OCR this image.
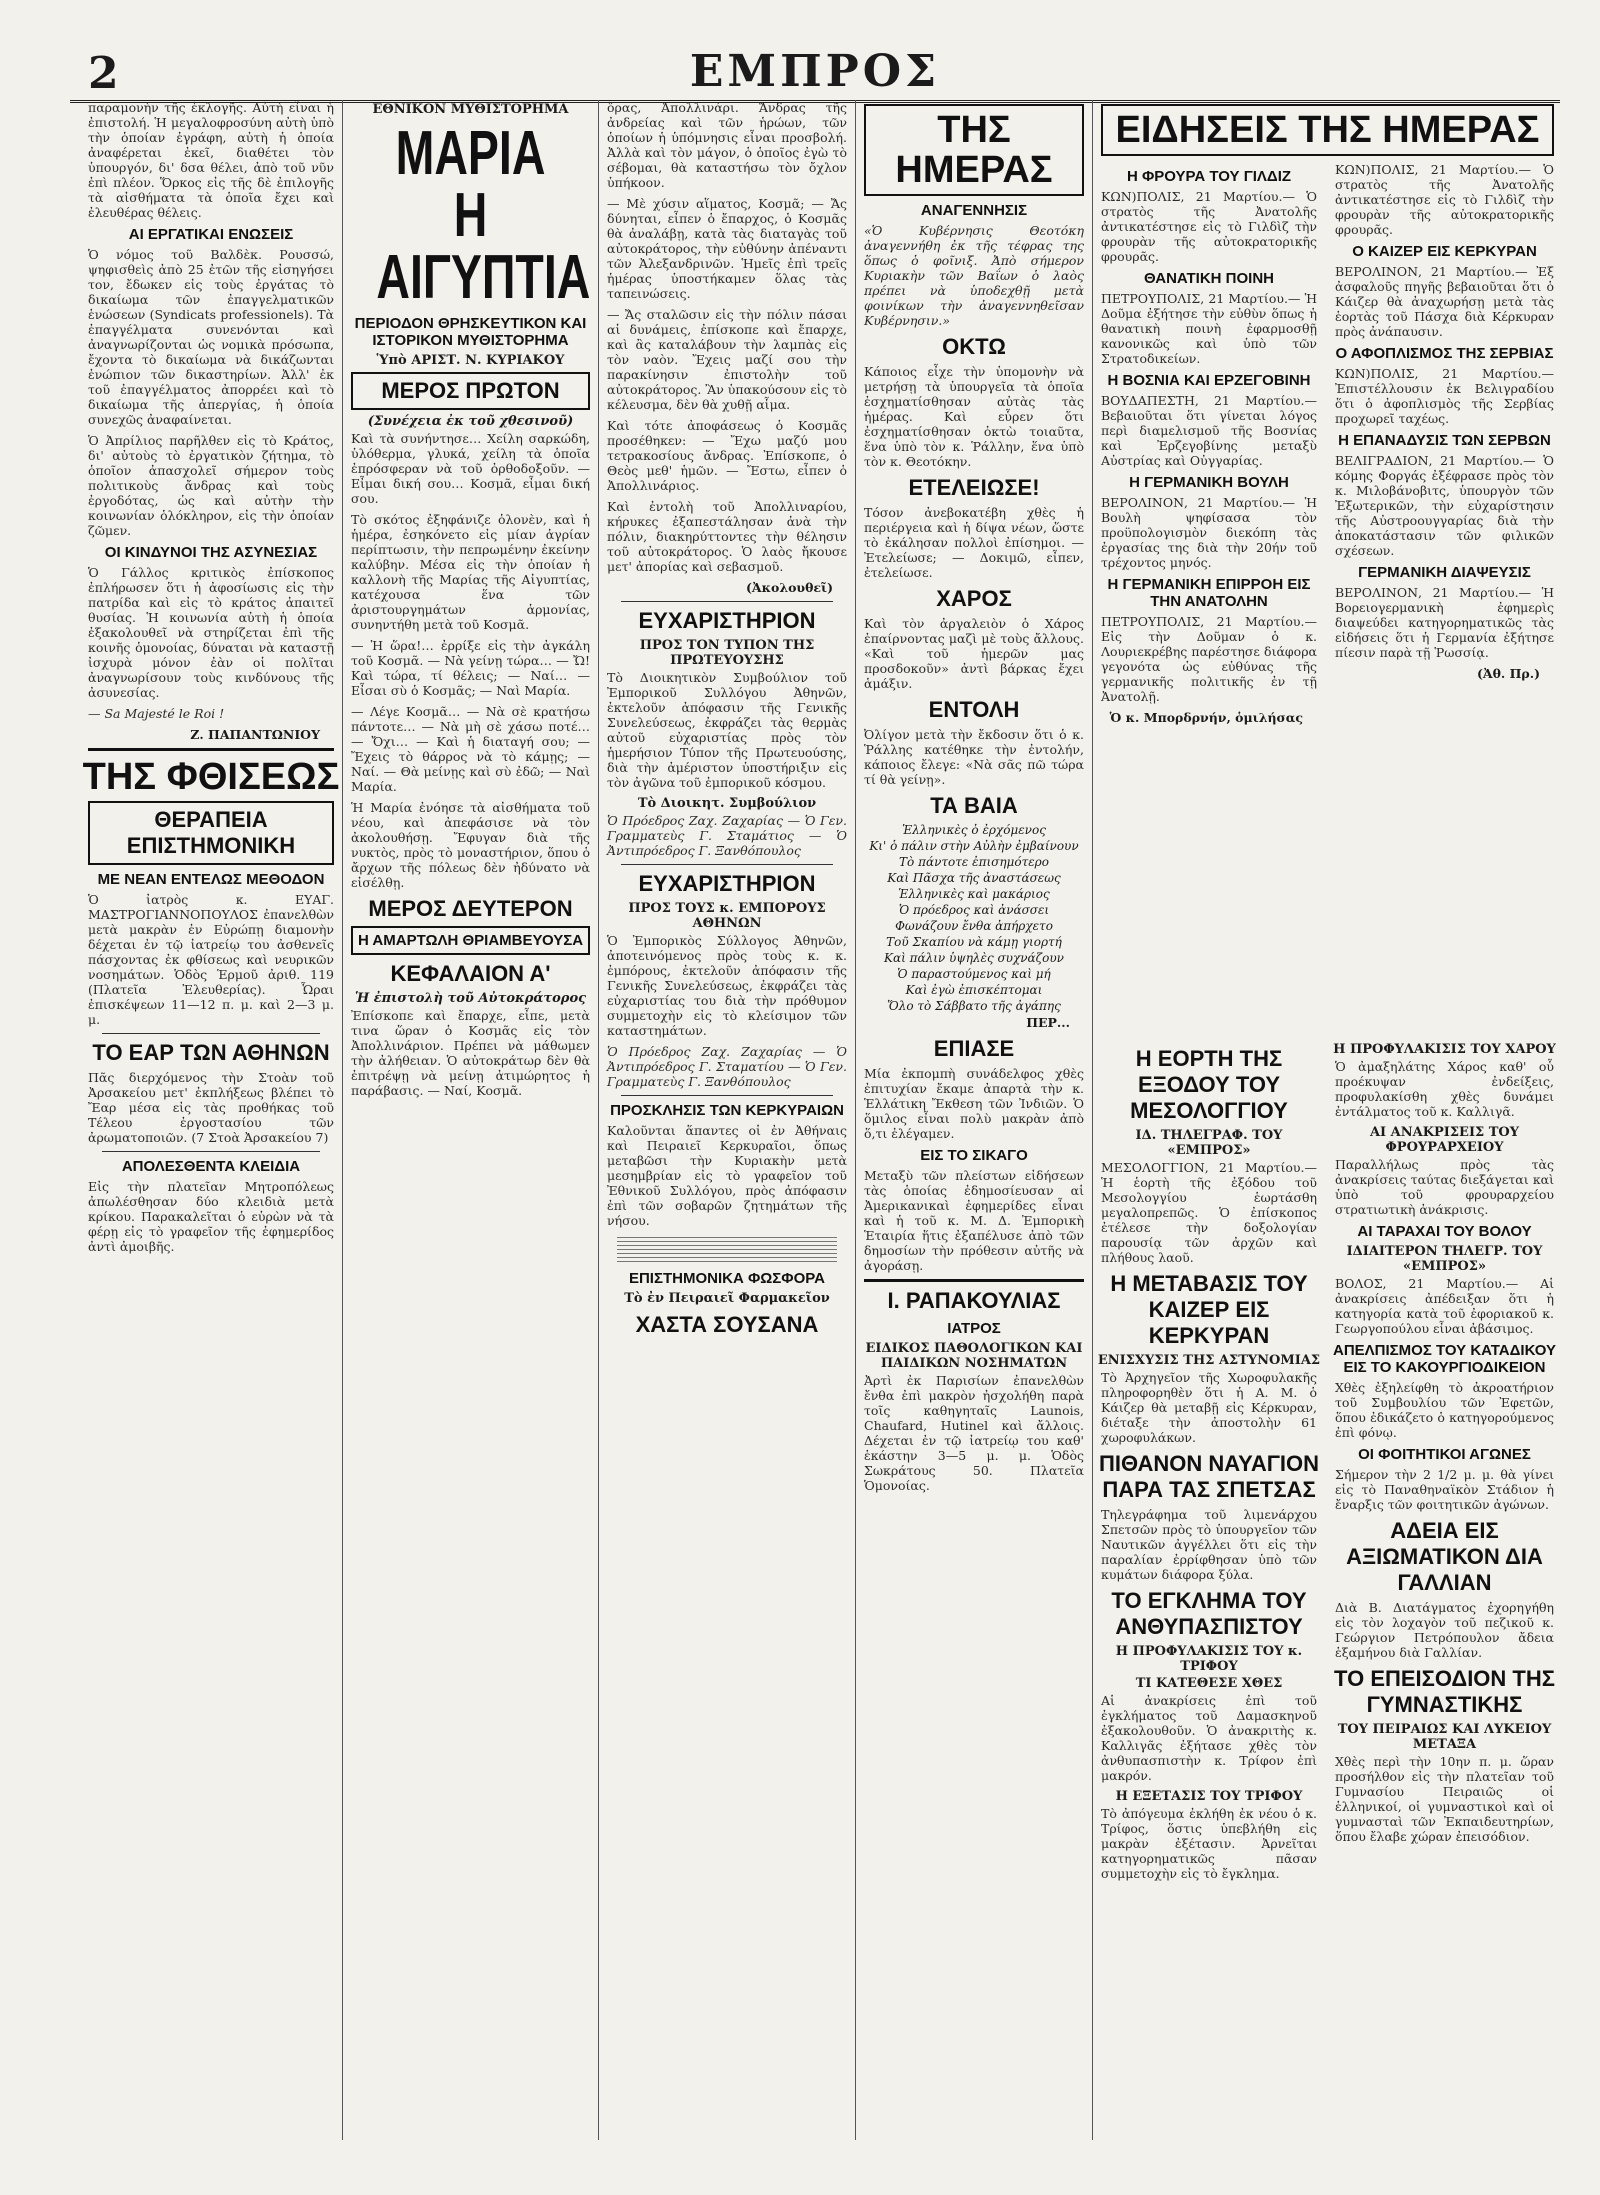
2	ΕΜΠΡΟΣ

παραμονὴν τῆς ἐκλογῆς. Αὐτὴ εἶναι ἡ ἐπιστολή. Ἡ μεγαλοφροσύνη αὐτὴ ὑπὸ τὴν ὁποίαν ἐγράφη, αὐτὴ ἡ ὁποία ἀναφέρεται ἐκεῖ, διαθέτει τὸν ὑπουργόν, δι' δσα θέλει, ἀπὸ τοῦ νῦν ἐπὶ πλέον. Ὅρκος εἰς τῆς δὲ ἐπιλογῆς τὰ αἰσθήματα τὰ ὁποῖα ἔχει καὶ ἐλευθέρας θέλεις.

ΑΙ ΕΡΓΑΤΙΚΑΙ ΕΝΩΣΕΙΣ

Ὁ νόμος τοῦ Βαλδὲκ. Ρουσσώ, ψηφισθεὶς ἀπὸ 25 ἐτῶν τῆς εἰσηγήσει τον, ἔδωκεν εἰς τοὺς ἐργάτας τὸ δικαίωμα τῶν ἐπαγγελματικῶν ἑνώσεων (Syndicats professionels). Τὰ ἐπαγγέλματα συνενόνται καὶ ἀναγνωρίζονται ὡς νομικὰ πρόσωπα, ἔχοντα τὸ δικαίωμα νὰ δικάζωνται ἐνώπιον τῶν δικαστηρίων. Ἀλλ' ἐκ τοῦ ἐπαγγέλματος ἀπορρέει καὶ τὸ δικαίωμα τῆς ἀπεργίας, ἡ ὁποία συνεχῶς ἀναφαίνεται.

Ὁ Ἀπρίλιος παρῆλθεν εἰς τὸ Κράτος, δι' αὐτοὺς τὸ ἐργατικὸν ζήτημα, τὸ ὁποῖον ἀπασχολεῖ σήμερον τοὺς πολιτικοὺς ἄνδρας καὶ τοὺς ἐργοδότας, ὡς καὶ αὐτὴν τὴν κοινωνίαν ὁλόκληρον, εἰς τὴν ὁποίαν ζῶμεν.

ΟΙ ΚΙΝΔΥΝΟΙ ΤΗΣ ΑΣΥΝΕΣΙΑΣ

Ὁ Γάλλος κριτικὸς ἐπίσκοπος ἐπλήρωσεν ὅτι ἡ ἀφοσίωσις εἰς τὴν πατρίδα καὶ εἰς τὸ κράτος ἀπαιτεῖ θυσίας. Ἡ κοινωνία αὐτὴ ἡ ὁποία ἐξακολουθεῖ νὰ στηρίζεται ἐπὶ τῆς κοινῆς ὁμονοίας, δύναται νὰ καταστῇ ἰσχυρὰ μόνον ἐὰν οἱ πολῖται ἀναγνωρίσουν τοὺς κινδύνους τῆς ἀσυνεσίας.

— Sa Majesté le Roi !

Ζ. ΠΑΠΑΝΤΩΝΙΟΥ
ΤΗΣ ΦΘΙΣΕΩΣ
ΘΕΡΑΠΕΙΑ ΕΠΙΣΤΗΜΟΝΙΚΗ
ΜΕ ΝΕΑΝ ΕΝΤΕΛΩΣ ΜΕΘΟΔΟΝ

Ὁ ἰατρὸς κ. ΕΥΑΓ. ΜΑΣΤΡΟΓΙΑΝΝΟΠΟΥΛΟΣ ἐπανελθὼν μετὰ μακρὰν ἐν Εὐρώπῃ διαμονὴν δέχεται ἐν τῷ ἰατρείῳ του ἀσθενεῖς πάσχοντας ἐκ φθίσεως καὶ νευρικῶν νοσημάτων. Ὁδὸς Ἑρμοῦ ἀριθ. 119 (Πλατεῖα Ἐλευθερίας). Ὧραι ἐπισκέψεων 11—12 π. μ. καὶ 2—3 μ. μ.

ΤΟ ΕΑΡ ΤΩΝ ΑΘΗΝΩΝ

Πᾶς διερχόμενος τὴν Στοὰν τοῦ Ἀρσακείου μετ' ἐκπλήξεως βλέπει τὸ Ἔαρ μέσα εἰς τὰς προθήκας τοῦ Τέλεου ἐργοστασίου τῶν ἀρωματοποιῶν. (7 Στοὰ Ἀρσακείου 7)

ΑΠΟΛΕΣΘΕΝΤΑ ΚΛΕΙΔΙΑ

Εἰς τὴν πλατεῖαν Μητροπόλεως ἀπωλέσθησαν δύο κλειδιὰ μετὰ κρίκου. Παρακαλεῖται ὁ εὑρὼν νὰ τὰ φέρῃ εἰς τὸ γραφεῖον τῆς ἐφημερίδος ἀντὶ ἀμοιβῆς.

ΕΘΝΙΚΟΝ ΜΥΘΙΣΤΟΡΗΜΑ
ΜΑΡΙΑ Η ΑΙΓΥΠΤΙΑ
ΠΕΡΙΟΔΟΝ ΘΡΗΣΚΕΥΤΙΚΟΝ ΚΑΙ ΙΣΤΟΡΙΚΟΝ ΜΥΘΙΣΤΟΡΗΜΑ
Ὑπὸ ΑΡΙΣΤ. Ν. ΚΥΡΙΑΚΟΥ
ΜΕΡΟΣ ΠΡΩΤΟΝ
(Συνέχεια ἐκ τοῦ χθεσινοῦ)

Καὶ τὰ συνήντησε… Χείλη σαρκώδη, ὑλόθερμα, γλυκά, χείλη τὰ ὁποῖα ἐπρόσφεραν νὰ τοῦ ὀρθοδοξοῦν. — Εἶμαι δική σου… Κοσμᾶ, εἶμαι δική σου.

Τὸ σκότος ἐξηφάνιζε ὁλονὲν, καὶ ἡ ἡμέρα, ἐσηκόνετο εἰς μίαν ἀγρίαν περίπτωσιν, τὴν πεπρωμένην ἐκείνην καλύβην. Μέσα εἰς τὴν ὁποίαν ἡ καλλονὴ τῆς Μαρίας τῆς Αἰγυπτίας, κατέχουσα ἕνα τῶν ἀριστουργημάτων ἁρμονίας, συνηντήθη μετὰ τοῦ Κοσμᾶ.

— Ἡ ὥρα!… ἐρρίξε εἰς τὴν ἀγκάλη τοῦ Κοσμᾶ. — Νὰ γείνῃ τώρα… — Ὤ! Καὶ τώρα, τί θέλεις; — Ναί… — Εἶσαι σὺ ὁ Κοσμᾶς; — Ναὶ Μαρία.

— Λέγε Κοσμᾶ… — Νὰ σὲ κρατήσω πάντοτε… — Νὰ μὴ σὲ χάσω ποτέ… — Ὄχι… — Καὶ ἡ διαταγή σου; — Ἔχεις τὸ θάρρος νὰ τὸ κάμῃς; — Ναί. — Θὰ μείνῃς καὶ σὺ ἐδῶ; — Ναὶ Μαρία.

Ἡ Μαρία ἐνόησε τὰ αἰσθήματα τοῦ νέου, καὶ ἀπεφάσισε νὰ τὸν ἀκολουθήσῃ. Ἔφυγαν διὰ τῆς νυκτὸς, πρὸς τὸ μοναστήριον, ὅπου ὁ ἄρχων τῆς πόλεως δὲν ἠδύνατο νὰ εἰσέλθῃ.

ΜΕΡΟΣ ΔΕΥΤΕΡΟΝ
Η ΑΜΑΡΤΩΛΗ ΘΡΙΑΜΒΕΥΟΥΣΑ
ΚΕΦΑΛΑΙΟΝ Α'
Ἡ ἐπιστολὴ τοῦ Αὐτοκράτορος

Ἐπίσκοπε καὶ ἔπαρχε, εἶπε, μετὰ τινα ὥραν ὁ Κοσμᾶς εἰς τὸν Ἀπολλινάριον. Πρέπει νὰ μάθωμεν τὴν ἀλήθειαν. Ὁ αὐτοκράτωρ δὲν θὰ ἐπιτρέψῃ νὰ μείνῃ ἀτιμώρητος ἡ παράβασις. — Ναί, Κοσμᾶ.

ὅρας, Ἀπολλινάρι. Ἄνδρας τῆς ἀνδρείας καὶ τῶν ἡρώων, τῶν ὁποίων ἡ ὑπόμνησις εἶναι προσβολή. Ἀλλὰ καὶ τὸν μάγον, ὁ ὁποῖος ἐγὼ τὸ σέβομαι, θὰ καταστήσω τὸν ὄχλον ὑπήκοον.

— Μὲ χύσιν αἵματος, Κοσμᾶ; — Ἄς δύνηται, εἶπεν ὁ ἔπαρχος, ὁ Κοσμᾶς θὰ ἀναλάβῃ, κατὰ τὰς διαταγὰς τοῦ αὐτοκράτορος, τὴν εὐθύνην ἀπέναντι τῶν Ἀλεξανδρινῶν. Ἡμεῖς ἐπὶ τρεῖς ἡμέρας ὑποστήκαμεν ὅλας τὰς ταπεινώσεις.

— Ἄς σταλῶσιν εἰς τὴν πόλιν πάσαι αἱ δυνάμεις, ἐπίσκοπε καὶ ἔπαρχε, καὶ ἂς καταλάβουν τὴν λαμπὰς εἰς τὸν ναὸν. Ἔχεις μαζί σου τὴν παρακίνησιν ἐπιστολὴν τοῦ αὐτοκράτορος. Ἂν ὑπακούσουν εἰς τὸ κέλευσμα, δὲν θὰ χυθῇ αἷμα.

Καὶ τότε ἀποφάσεως ὁ Κοσμᾶς προσέθηκεν: — Ἔχω μαζύ μου τετρακοσίους ἄνδρας. Ἐπίσκοπε, ὁ Θεὸς μεθ' ἡμῶν. — Ἔστω, εἶπεν ὁ Ἀπολλινάριος.

Καὶ ἐντολὴ τοῦ Ἀπολλιναρίου, κήρυκες ἐξαπεστάλησαν ἀνὰ τὴν πόλιν, διακηρύττοντες τὴν θέλησιν τοῦ αὐτοκράτορος. Ὁ λαὸς ἤκουσε μετ' ἀπορίας καὶ σεβασμοῦ.

(Ἀκολουθεῖ)
ΕΥΧΑΡΙΣΤΗΡΙΟΝ
ΠΡΟΣ ΤΟΝ ΤΥΠΟΝ ΤΗΣ ΠΡΩΤΕΥΟΥΣΗΣ

Τὸ Διοικητικὸν Συμβούλιον τοῦ Ἐμπορικοῦ Συλλόγου Ἀθηνῶν, ἐκτελοῦν ἀπόφασιν τῆς Γενικῆς Συνελεύσεως, ἐκφράζει τὰς θερμὰς αὐτοῦ εὐχαριστίας πρὸς τὸν ἡμερήσιον Τύπον τῆς Πρωτευούσης, διὰ τὴν ἀμέριστον ὑποστήριξιν εἰς τὸν ἀγῶνα τοῦ ἐμπορικοῦ κόσμου.

Τὸ Διοικητ. Συμβούλιον

Ὁ Πρόεδρος Ζαχ. Ζαχαρίας — Ὁ Γεν. Γραμματεὺς Γ. Σταμάτιος — Ὁ Ἀντιπρόεδρος Γ. Ξανθόπουλος

ΕΥΧΑΡΙΣΤΗΡΙΟΝ
ΠΡΟΣ ΤΟΥΣ κ. ΕΜΠΟΡΟΥΣ ΑΘΗΝΩΝ

Ὁ Ἐμπορικὸς Σύλλογος Ἀθηνῶν, ἀποτεινόμενος πρὸς τοὺς κ. κ. ἐμπόρους, ἐκτελοῦν ἀπόφασιν τῆς Γενικῆς Συνελεύσεως, ἐκφράζει τὰς εὐχαριστίας του διὰ τὴν πρόθυμον συμμετοχὴν εἰς τὸ κλείσιμον τῶν καταστημάτων.

Ὁ Πρόεδρος Ζαχ. Ζαχαρίας — Ὁ Ἀντιπρόεδρος Γ. Σταματίου — Ὁ Γεν. Γραμματεὺς Γ. Ξανθόπουλος

ΠΡΟΣΚΛΗΣΙΣ ΤΩΝ ΚΕΡΚΥΡΑΙΩΝ

Καλοῦνται ἅπαντες οἱ ἐν Ἀθήναις καὶ Πειραιεῖ Κερκυραῖοι, ὅπως μεταβῶσι τὴν Κυριακὴν μετὰ μεσημβρίαν εἰς τὸ γραφεῖον τοῦ Ἐθνικοῦ Συλλόγου, πρὸς ἀπόφασιν ἐπὶ τῶν σοβαρῶν ζητημάτων τῆς νήσου.

ΕΠΙΣΤΗΜΟΝΙΚΑ ΦΩΣΦΟΡΑ
Τὸ ἐν Πειραιεῖ Φαρμακεῖον
ΧΑΣΤΑ ΣΟΥΣΑΝΑ
ΤΗΣ ΗΜΕΡΑΣ
ΑΝΑΓΕΝΝΗΣΙΣ

«Ὁ Κυβέρνησις Θεοτόκη ἀναγεννήθη ἐκ τῆς τέφρας της ὅπως ὁ φοῖνιξ. Ἀπὸ σήμερον Κυριακὴν τῶν Βαΐων ὁ λαὸς πρέπει νὰ ὑποδεχθῇ μετὰ φοινίκων τὴν ἀναγεννηθεῖσαν Κυβέρνησιν.»

ΟΚΤΩ

Κάποιος εἶχε τὴν ὑπομονὴν νὰ μετρήσῃ τὰ ὑπουργεῖα τὰ ὁποῖα ἐσχηματίσθησαν αὐτὰς τὰς ἡμέρας. Καὶ εὗρεν ὅτι ἐσχηματίσθησαν ὀκτὼ τοιαῦτα, ἕνα ὑπὸ τὸν κ. Ῥάλλην, ἕνα ὑπὸ τὸν κ. Θεοτόκην.

ΕΤΕΛΕΙΩΣΕ!

Τόσον ἀνεβοκατέβη χθὲς ἡ περιέργεια καὶ ἡ δίψα νέων, ὥστε τὸ ἐκάλησαν πολλοὶ ἐπίσημοι. — Ἐτελείωσε; — Δοκιμῶ, εἶπεν, ἐτελείωσε.

ΧΑΡΟΣ

Καὶ τὸν ἀργαλειὸν ὁ Χάρος ἐπαίρνοντας μαζὶ μὲ τοὺς ἄλλους. «Καὶ τοῦ ἡμερῶν μας προσδοκοῦν» ἀντὶ βάρκας ἔχει ἁμάξιν.

ΕΝΤΟΛΗ

Ὀλίγον μετὰ τὴν ἔκδοσιν ὅτι ὁ κ. Ῥάλλης κατέθηκε τὴν ἐντολήν, κάποιος ἔλεγε: «Νὰ σᾶς πῶ τώρα τί θὰ γείνῃ».

ΤΑ ΒΑΙΑ

Ἑλληνικὲς ὁ ἐρχόμενος

Κι' ὁ πάλιν στὴν Αὐλὴν ἐμβαίνουν

Τὸ πάντοτε ἐπισημότερο

Καὶ Πᾶσχα τῆς ἀναστάσεως

Ἑλληνικὲς καὶ μακάριος

Ὁ πρόεδρος καὶ ἀνάσσει

Φωνάζουν ἔνθα ἀπήρχετο

Τοῦ Σκαπίου νὰ κάμῃ γιορτή

Καὶ πάλιν ὑψηλὲς συχνάζουν

Ὁ παραστούμενος καὶ μή

Καὶ ἐγὼ ἐπισκέπτομαι

Ὅλο τὸ Σάββατο τῆς ἀγάπης

ΠΕΡ...
ΕΠΙΑΣΕ

Μία ἐκπομπὴ συνάδελφος χθὲς ἐπιτυχίαν ἔκαμε ἀπαρτὰ τὴν κ. Ἑλλάτικη Ἔκθεση τῶν Ἰνδιῶν. Ὁ ὅμιλος εἶναι πολὺ μακρὰν ἀπὸ ὅ,τι ἐλέγαμεν.

ΕΙΣ ΤΟ ΣΙΚΑΓΟ

Μεταξὺ τῶν πλείστων εἰδήσεων τὰς ὁποίας ἐδημοσίευσαν αἱ Ἀμερικανικαὶ ἐφημερίδες εἶναι καὶ ἡ τοῦ κ. Μ. Δ. Ἐμπορικὴ Ἑταιρία ἥτις ἐξαπέλυσε ἀπὸ τῶν δημοσίων τὴν πρόθεσιν αὐτῆς νὰ ἀγοράσῃ.

Ι. ΡΑΠΑΚΟΥΛΙΑΣ
ΙΑΤΡΟΣ
ΕΙΔΙΚΟΣ ΠΑΘΟΛΟΓΙΚΩΝ ΚΑΙ ΠΑΙΔΙΚΩΝ ΝΟΣΗΜΑΤΩΝ

Ἀρτὶ ἐκ Παρισίων ἐπανελθὼν ἔνθα ἐπὶ μακρὸν ἠσχολήθη παρὰ τοῖς καθηγηταῖς Launois, Chaufard, Hutinel καὶ ἄλλοις. Δέχεται ἐν τῷ ἰατρείῳ του καθ' ἑκάστην 3—5 μ. μ. Ὁδὸς Σωκράτους 50. Πλατεῖα Ὁμονοίας.

ΕΙΔΗΣΕΙΣ ΤΗΣ ΗΜΕΡΑΣ
Η ΦΡΟΥΡΑ ΤΟΥ ΓΙΛΔΙΖ

ΚΩΝ)ΠΟΛΙΣ, 21 Μαρτίου.— Ὁ στρατὸς τῆς Ἀνατολῆς ἀντικατέστησε εἰς τὸ Γιλδὶζ τὴν φρουρὰν τῆς αὐτοκρατορικῆς φρουρᾶς.

ΘΑΝΑΤΙΚΗ ΠΟΙΝΗ

ΠΕΤΡΟΥΠΟΛΙΣ, 21 Μαρτίου.— Ἡ Δοῦμα ἐξήτησε τὴν εὐθὺν ὅπως ἡ θανατικὴ ποινὴ ἐφαρμοσθῇ κανονικῶς καὶ ὑπὸ τῶν Στρατοδικείων.

Η ΒΟΣΝΙΑ ΚΑΙ ΕΡΖΕΓΟΒΙΝΗ

ΒΟΥΔΑΠΕΣΤΗ, 21 Μαρτίου.— Βεβαιοῦται ὅτι γίνεται λόγος περὶ διαμελισμοῦ τῆς Βοσνίας καὶ Ἐρζεγοβίνης μεταξὺ Αὐστρίας καὶ Οὐγγαρίας.

Η ΓΕΡΜΑΝΙΚΗ ΒΟΥΛΗ

ΒΕΡΟΛΙΝΟΝ, 21 Μαρτίου.— Ἡ Βουλὴ ψηφίσασα τὸν προϋπολογισμὸν διεκόπη τὰς ἐργασίας της διὰ τὴν 20ήν τοῦ τρέχοντος μηνός.

Η ΓΕΡΜΑΝΙΚΗ ΕΠΙΡΡΟΗ ΕΙΣ ΤΗΝ ΑΝΑΤΟΛΗΝ

ΠΕΤΡΟΥΠΟΛΙΣ, 21 Μαρτίου.— Εἰς τὴν Δοῦμαν ὁ κ. Λουριεκρέβης παρέστησε διάφορα γεγονότα ὡς εὐθύνας τῆς γερμανικῆς πολιτικῆς ἐν τῇ Ἀνατολῇ.

Ὁ κ. Μπορδρνήν, ὁμιλήσας

ΚΩΝ)ΠΟΛΙΣ, 21 Μαρτίου.— Ὁ στρατὸς τῆς Ἀνατολῆς ἀντικατέστησε εἰς τὸ Γιλδὶζ τὴν φρουρὰν τῆς αὐτοκρατορικῆς φρουρᾶς.

Ο ΚΑΙΖΕΡ ΕΙΣ ΚΕΡΚΥΡΑΝ

ΒΕΡΟΛΙΝΟΝ, 21 Μαρτίου.— Ἐξ ἀσφαλοῦς πηγῆς βεβαιοῦται ὅτι ὁ Κάιζερ θὰ ἀναχωρήσῃ μετὰ τὰς ἑορτὰς τοῦ Πάσχα διὰ Κέρκυραν πρὸς ἀνάπαυσιν.

Ο ΑΦΟΠΛΙΣΜΟΣ ΤΗΣ ΣΕΡΒΙΑΣ

ΚΩΝ)ΠΟΛΙΣ, 21 Μαρτίου.— Ἐπιστέλλουσιν ἐκ Βελιγραδίου ὅτι ὁ ἀφοπλισμὸς τῆς Σερβίας προχωρεῖ ταχέως.

Η ΕΠΑΝΑΔΥΣΙΣ ΤΩΝ ΣΕΡΒΩΝ

ΒΕΛΙΓΡΑΔΙΟΝ, 21 Μαρτίου.— Ὁ κόμης Φοργάς ἐξέφρασε πρὸς τὸν κ. Μιλοβάνοβιτς, ὑπουργὸν τῶν Ἐξωτερικῶν, τὴν εὐχαρίστησιν τῆς Αὐστροουγγαρίας διὰ τὴν ἀποκατάστασιν τῶν φιλικῶν σχέσεων.

ΓΕΡΜΑΝΙΚΗ ΔΙΑΨΕΥΣΙΣ

ΒΕΡΟΛΙΝΟΝ, 21 Μαρτίου.— Ἡ Βορειογερμανικὴ ἐφημερὶς διαψεύδει κατηγορηματικῶς τὰς εἰδήσεις ὅτι ἡ Γερμανία ἐξήτησε πίεσιν παρὰ τῇ Ῥωσσίᾳ.

(Ἀθ. Πρ.)
Η ΕΟΡΤΗ ΤΗΣ ΕΞΟΔΟΥ ΤΟΥ ΜΕΣΟΛΟΓΓΙΟΥ
ΙΔ. ΤΗΛΕΓΡΑΦ. ΤΟΥ «ΕΜΠΡΟΣ»

ΜΕΣΟΛΟΓΓΙΟΝ, 21 Μαρτίου.— Ἡ ἑορτὴ τῆς ἐξόδου τοῦ Μεσολογγίου ἑωρτάσθη μεγαλοπρεπῶς. Ὁ ἐπίσκοπος ἐτέλεσε τὴν δοξολογίαν παρουσίᾳ τῶν ἀρχῶν καὶ πλήθους λαοῦ.

Η ΜΕΤΑΒΑΣΙΣ ΤΟΥ ΚΑΙΖΕΡ ΕΙΣ ΚΕΡΚΥΡΑΝ
ΕΝΙΣΧΥΣΙΣ ΤΗΣ ΑΣΤΥΝΟΜΙΑΣ

Τὸ Ἀρχηγεῖον τῆς Χωροφυλακῆς πληροφορηθὲν ὅτι ἡ Α. Μ. ὁ Κάιζερ θὰ μεταβῇ εἰς Κέρκυραν, διέταξε τὴν ἀποστολὴν 61 χωροφυλάκων.

ΠΙΘΑΝΟΝ ΝΑΥΑΓΙΟΝ ΠΑΡΑ ΤΑΣ ΣΠΕΤΣΑΣ

Τηλεγράφημα τοῦ λιμενάρχου Σπετσῶν πρὸς τὸ ὑπουργεῖον τῶν Ναυτικῶν ἀγγέλλει ὅτι εἰς τὴν παραλίαν ἐρρίφθησαν ὑπὸ τῶν κυμάτων διάφορα ξύλα.

ΤΟ ΕΓΚΛΗΜΑ ΤΟΥ ΑΝΘΥΠΑΣΠΙΣΤΟΥ
Η ΠΡΟΦΥΛΑΚΙΣΙΣ ΤΟΥ κ. ΤΡΙΦΟΥ
ΤΙ ΚΑΤΕΘΕΣΕ ΧΘΕΣ

Αἱ ἀνακρίσεις ἐπὶ τοῦ ἐγκλήματος τοῦ Δαμασκηνοῦ ἐξακολουθοῦν. Ὁ ἀνακριτὴς κ. Καλλιγᾶς ἐξήτασε χθὲς τὸν ἀνθυπασπιστὴν κ. Τρίφον ἐπὶ μακρόν.

Η ΕΞΕΤΑΣΙΣ ΤΟΥ ΤΡΙΦΟΥ

Τὸ ἀπόγευμα ἐκλήθη ἐκ νέου ὁ κ. Τρίφος, ὅστις ὑπεβλήθη εἰς μακρὰν ἐξέτασιν. Ἀρνεῖται κατηγορηματικῶς πᾶσαν συμμετοχὴν εἰς τὸ ἔγκλημα.

Η ΠΡΟΦΥΛΑΚΙΣΙΣ ΤΟΥ ΧΑΡΟΥ

Ὁ ἀμαξηλάτης Χάρος καθ' οὗ προέκυψαν ἐνδείξεις, προφυλακίσθη χθὲς δυνάμει ἐντάλματος τοῦ κ. Καλλιγᾶ.

ΑΙ ΑΝΑΚΡΙΣΕΙΣ ΤΟΥ ΦΡΟΥΡΑΡΧΕΙΟΥ

Παραλλήλως πρὸς τὰς ἀνακρίσεις ταύτας διεξάγεται καὶ ὑπὸ τοῦ φρουραρχείου στρατιωτικὴ ἀνάκρισις.

ΑΙ ΤΑΡΑΧΑΙ ΤΟΥ ΒΟΛΟΥ
ΙΔΙΑΙΤΕΡΟΝ ΤΗΛΕΓΡ. ΤΟΥ «ΕΜΠΡΟΣ»

ΒΟΛΟΣ, 21 Μαρτίου.— Αἱ ἀνακρίσεις ἀπέδειξαν ὅτι ἡ κατηγορία κατὰ τοῦ ἐφοριακοῦ κ. Γεωργοπούλου εἶναι ἀβάσιμος.

ΑΠΕΛΠΙΣΜΟΣ ΤΟΥ ΚΑΤΑΔΙΚΟΥ ΕΙΣ ΤΟ ΚΑΚΟΥΡΓΙΟΔΙΚΕΙΟΝ

Χθὲς ἐξηλείφθη τὸ ἀκροατήριον τοῦ Συμβουλίου τῶν Ἐφετῶν, ὅπου ἐδικάζετο ὁ κατηγορούμενος ἐπὶ φόνῳ.

ΟΙ ΦΟΙΤΗΤΙΚΟΙ ΑΓΩΝΕΣ

Σήμερον τὴν 2 1/2 μ. μ. θὰ γίνει εἰς τὸ Παναθηναϊκὸν Στάδιον ἡ ἔναρξις τῶν φοιτητικῶν ἀγώνων.

ΑΔΕΙΑ ΕΙΣ ΑΞΙΩΜΑΤΙΚΟΝ ΔΙΑ ΓΑΛΛΙΑΝ

Διὰ Β. Διατάγματος ἐχορηγήθη εἰς τὸν λοχαγὸν τοῦ πεζικοῦ κ. Γεώργιον Πετρόπουλον ἄδεια ἑξαμήνου διὰ Γαλλίαν.

ΤΟ ΕΠΕΙΣΟΔΙΟΝ ΤΗΣ ΓΥΜΝΑΣΤΙΚΗΣ
ΤΟΥ ΠΕΙΡΑΙΩΣ ΚΑΙ ΛΥΚΕΙΟΥ ΜΕΤΑΞΑ

Χθὲς περὶ τὴν 10ην π. μ. ὥραν προσήλθον εἰς τὴν πλατεῖαν τοῦ Γυμνασίου Πειραιῶς οἱ ἑλληνικοί, οἱ γυμναστικοὶ καὶ οἱ γυμνασταὶ τῶν Ἐκπαιδευτηρίων, ὅπου ἔλαβε χώραν ἐπεισόδιον.
